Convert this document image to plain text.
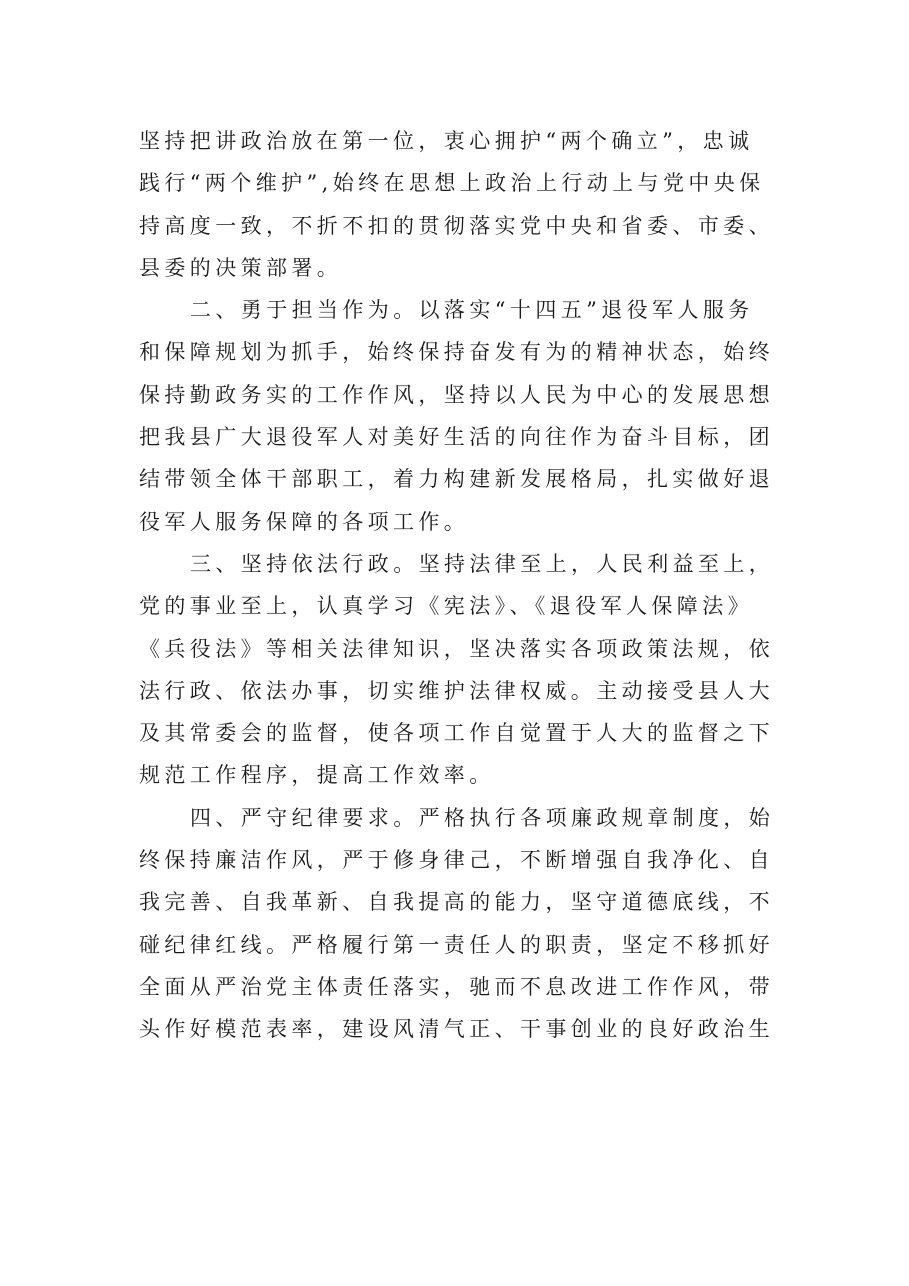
坚持把讲政治放在第一位，衷心拥护“两个确立”，忠诚
践行“两个维护”,始终在思想上政治上行动上与党中央保
持高度一致，不折不扣的贯彻落实党中央和省委、市委、
县委的决策部署。
二、勇于担当作为。以落实“十四五”退役军人服务
和保障规划为抓手，始终保持奋发有为的精神状态，始终
保持勤政务实的工作作风，坚持以人民为中心的发展思想
把我县广大退役军人对美好生活的向往作为奋斗目标，团
结带领全体干部职工，着力构建新发展格局，扎实做好退
役军人服务保障的各项工作。
三、坚持依法行政。坚持法律至上，人民利益至上，
党的事业至上，认真学习《宪法》、《退役军人保障法》
《兵役法》等相关法律知识，坚决落实各项政策法规，依
法行政、依法办事，切实维护法律权威。主动接受县人大
及其常委会的监督，使各项工作自觉置于人大的监督之下
规范工作程序，提高工作效率。
四、严守纪律要求。严格执行各项廉政规章制度，始
终保持廉洁作风，严于修身律己，不断增强自我净化、自
我完善、自我革新、自我提高的能力，坚守道德底线，不
碰纪律红线。严格履行第一责任人的职责，坚定不移抓好
全面从严治党主体责任落实，驰而不息改进工作作风，带
头作好模范表率，建设风清气正、干事创业的良好政治生
